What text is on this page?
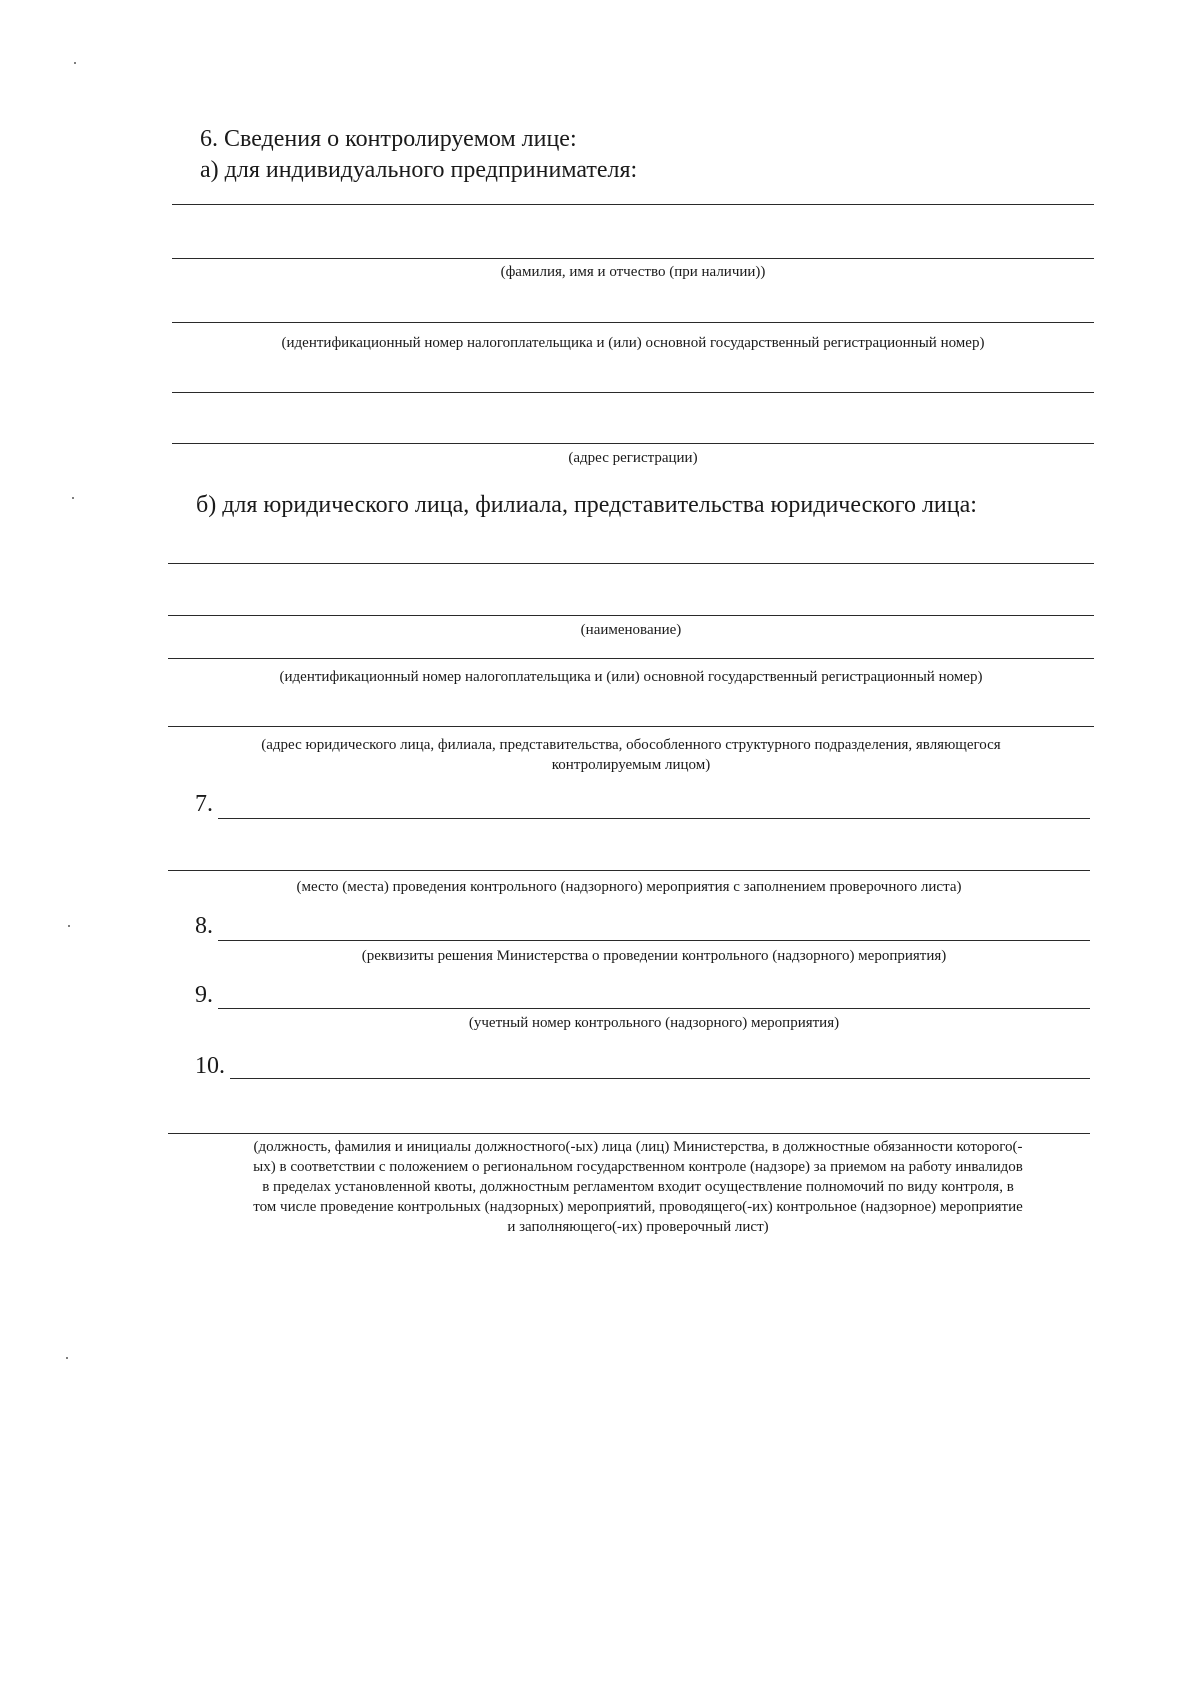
6. Сведения о контролируемом лице:
а) для индивидуального предпринимателя:
(фамилия, имя и отчество (при наличии))
(идентификационный номер налогоплательщика и (или) основной государственный регистрационный номер)
(адрес регистрации)
б) для юридического лица, филиала, представительства юридического лица:
(наименование)
(идентификационный номер налогоплательщика и (или) основной государственный регистрационный номер)
(адрес юридического лица, филиала, представительства, обособленного структурного подразделения, являющегося
контролируемым лицом)
7.
(место (места) проведения контрольного (надзорного) мероприятия с заполнением проверочного листа)
8.
(реквизиты решения Министерства о проведении контрольного (надзорного) мероприятия)
9.
(учетный номер контрольного (надзорного) мероприятия)
10.
(должность, фамилия и инициалы должностного(-ых) лица (лиц) Министерства, в должностные обязанности которого(-
ых) в соответствии с положением о региональном государственном контроле (надзоре) за приемом на работу инвалидов
в пределах установленной квоты, должностным регламентом входит осуществление полномочий по виду контроля, в
том числе проведение контрольных (надзорных) мероприятий, проводящего(-их) контрольное (надзорное) мероприятие
и заполняющего(-их) проверочный лист)
